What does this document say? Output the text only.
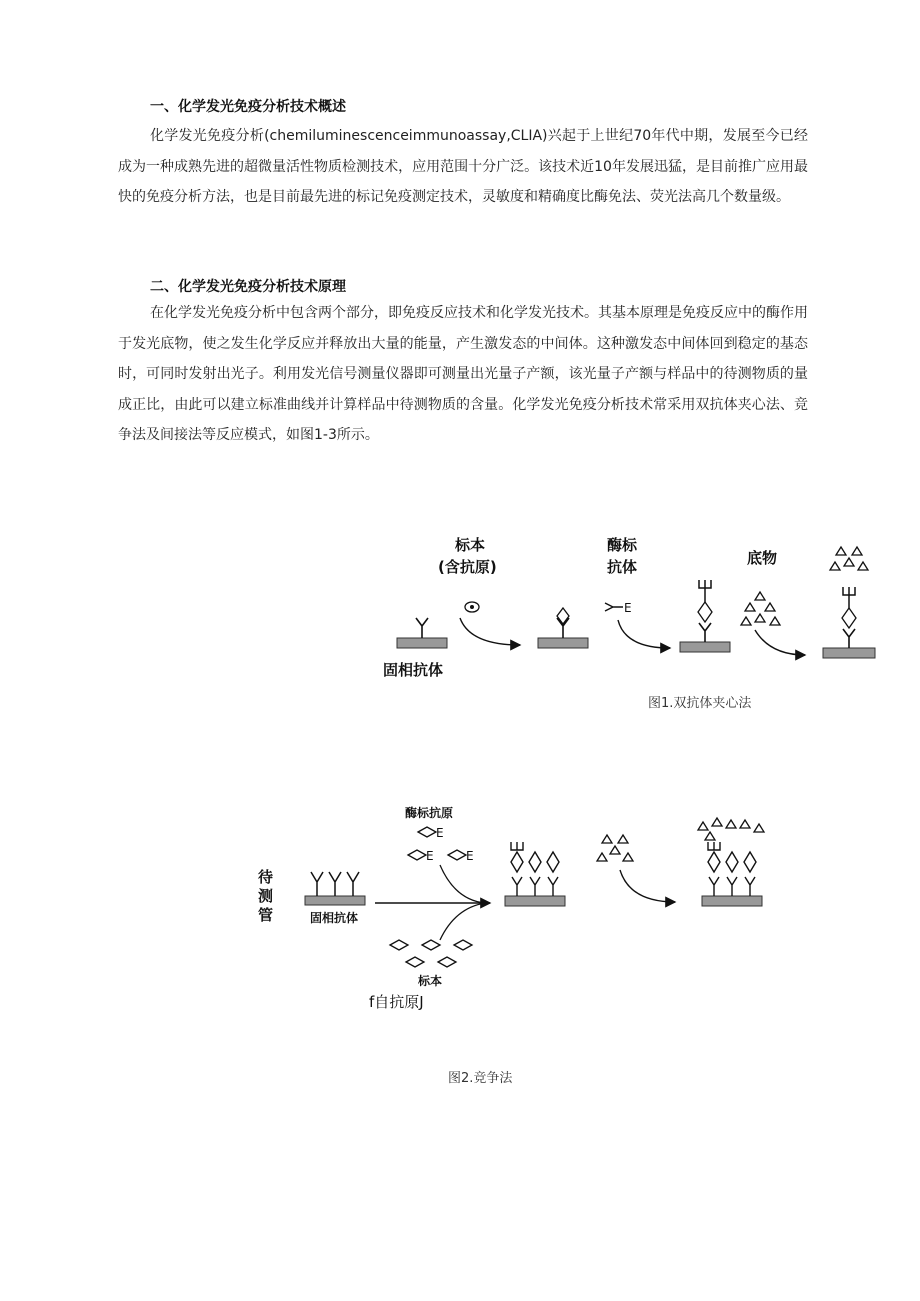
一、化学发光免疫分析技术概述

化学发光免疫分析(chemiluminescenceimmunoassay,CLIA)兴起于上世纪70年代中期，发展至今已经成为一种成熟先进的超微量活性物质检测技术，应用范围十分广泛。该技术近10年发展迅猛，是目前推广应用最快的免疫分析方法，也是目前最先进的标记免疫测定技术，灵敏度和精确度比酶免法、荧光法高几个数量级。

二、化学发光免疫分析技术原理

在化学发光免疫分析中包含两个部分，即免疫反应技术和化学发光技术。其基本原理是免疫反应中的酶作用于发光底物，使之发生化学反应并释放出大量的能量，产生激发态的中间体。这种激发态中间体回到稳定的基态时，可同时发射出光子。利用发光信号测量仪器即可测量出光量子产额，该光量子产额与样品中的待测物质的量成正比，由此可以建立标准曲线并计算样品中待测物质的含量。化学发光免疫分析技术常采用双抗体夹心法、竞争法及间接法等反应模式，如图1-3所示。

标本
(含抗原)
酶标
抗体	底物
固相抗体
E
图1.双抗体夹心法
待
测
管	固相抗体
酶标抗原
E
E	E
标本
f自抗原J
图2.竞争法
